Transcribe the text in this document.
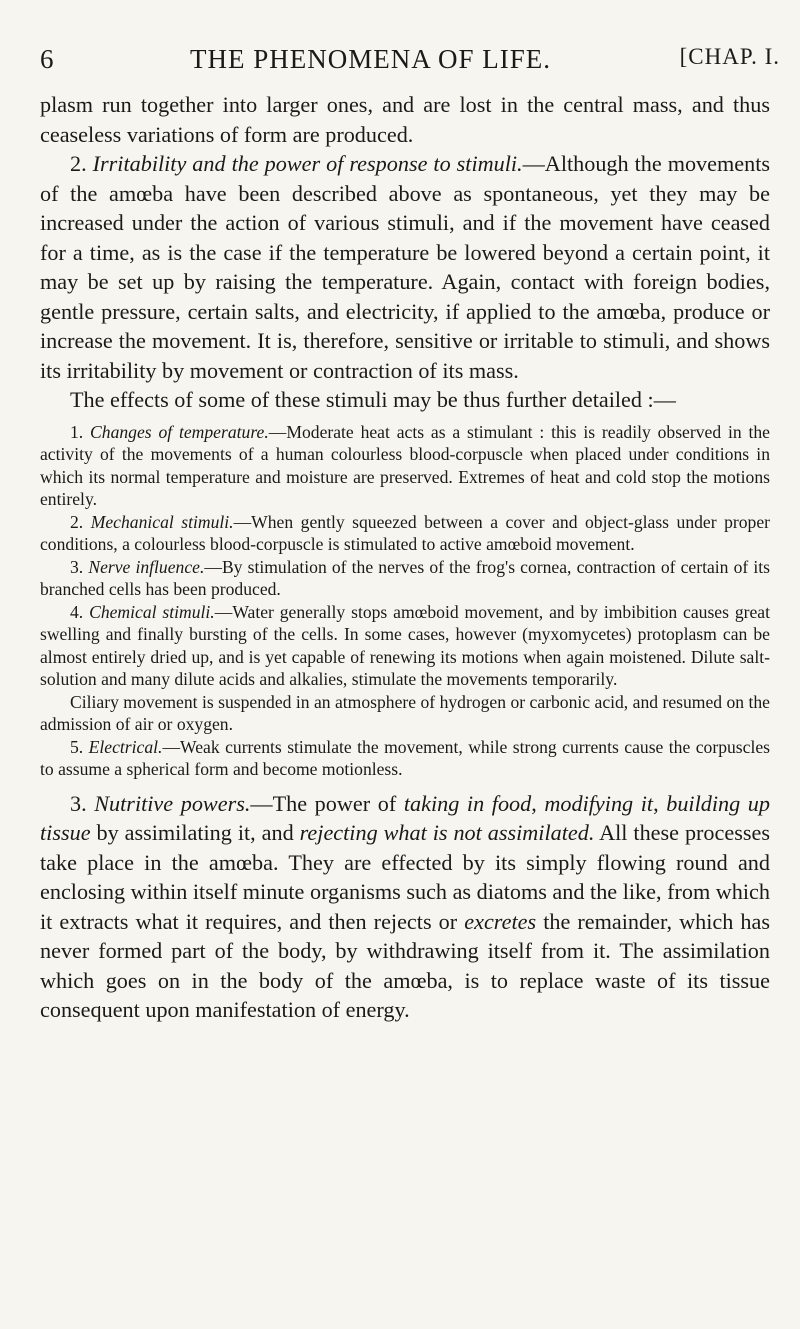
6	THE PHENOMENA OF LIFE.	[CHAP. I.

plasm run together into larger ones, and are lost in the central mass, and thus ceaseless variations of form are produced.

2. Irritability and the power of response to stimuli.—Although the movements of the amœba have been described above as spontaneous, yet they may be increased under the action of various stimuli, and if the movement have ceased for a time, as is the case if the temperature be lowered beyond a certain point, it may be set up by raising the temperature. Again, contact with foreign bodies, gentle pressure, certain salts, and electricity, if applied to the amœba, produce or increase the movement. It is, therefore, sensitive or irritable to stimuli, and shows its irritability by movement or contraction of its mass.

The effects of some of these stimuli may be thus further detailed :—

1. Changes of temperature.—Moderate heat acts as a stimulant : this is readily observed in the activity of the movements of a human colourless blood-corpuscle when placed under conditions in which its normal temperature and moisture are preserved. Extremes of heat and cold stop the motions entirely.

2. Mechanical stimuli.—When gently squeezed between a cover and object-glass under proper conditions, a colourless blood-corpuscle is stimulated to active amœboid movement.

3. Nerve influence.—By stimulation of the nerves of the frog's cornea, contraction of certain of its branched cells has been produced.

4. Chemical stimuli.—Water generally stops amœboid movement, and by imbibition causes great swelling and finally bursting of the cells. In some cases, however (myxomycetes) protoplasm can be almost entirely dried up, and is yet capable of renewing its motions when again moistened. Dilute salt-solution and many dilute acids and alkalies, stimulate the movements temporarily.

Ciliary movement is suspended in an atmosphere of hydrogen or carbonic acid, and resumed on the admission of air or oxygen.

5. Electrical.—Weak currents stimulate the movement, while strong currents cause the corpuscles to assume a spherical form and become motionless.

3. Nutritive powers.—The power of taking in food, modifying it, building up tissue by assimilating it, and rejecting what is not assimilated. All these processes take place in the amœba. They are effected by its simply flowing round and enclosing within itself minute organisms such as diatoms and the like, from which it extracts what it requires, and then rejects or excretes the remainder, which has never formed part of the body, by withdrawing itself from it. The assimilation which goes on in the body of the amœba, is to replace waste of its tissue consequent upon manifestation of energy.
